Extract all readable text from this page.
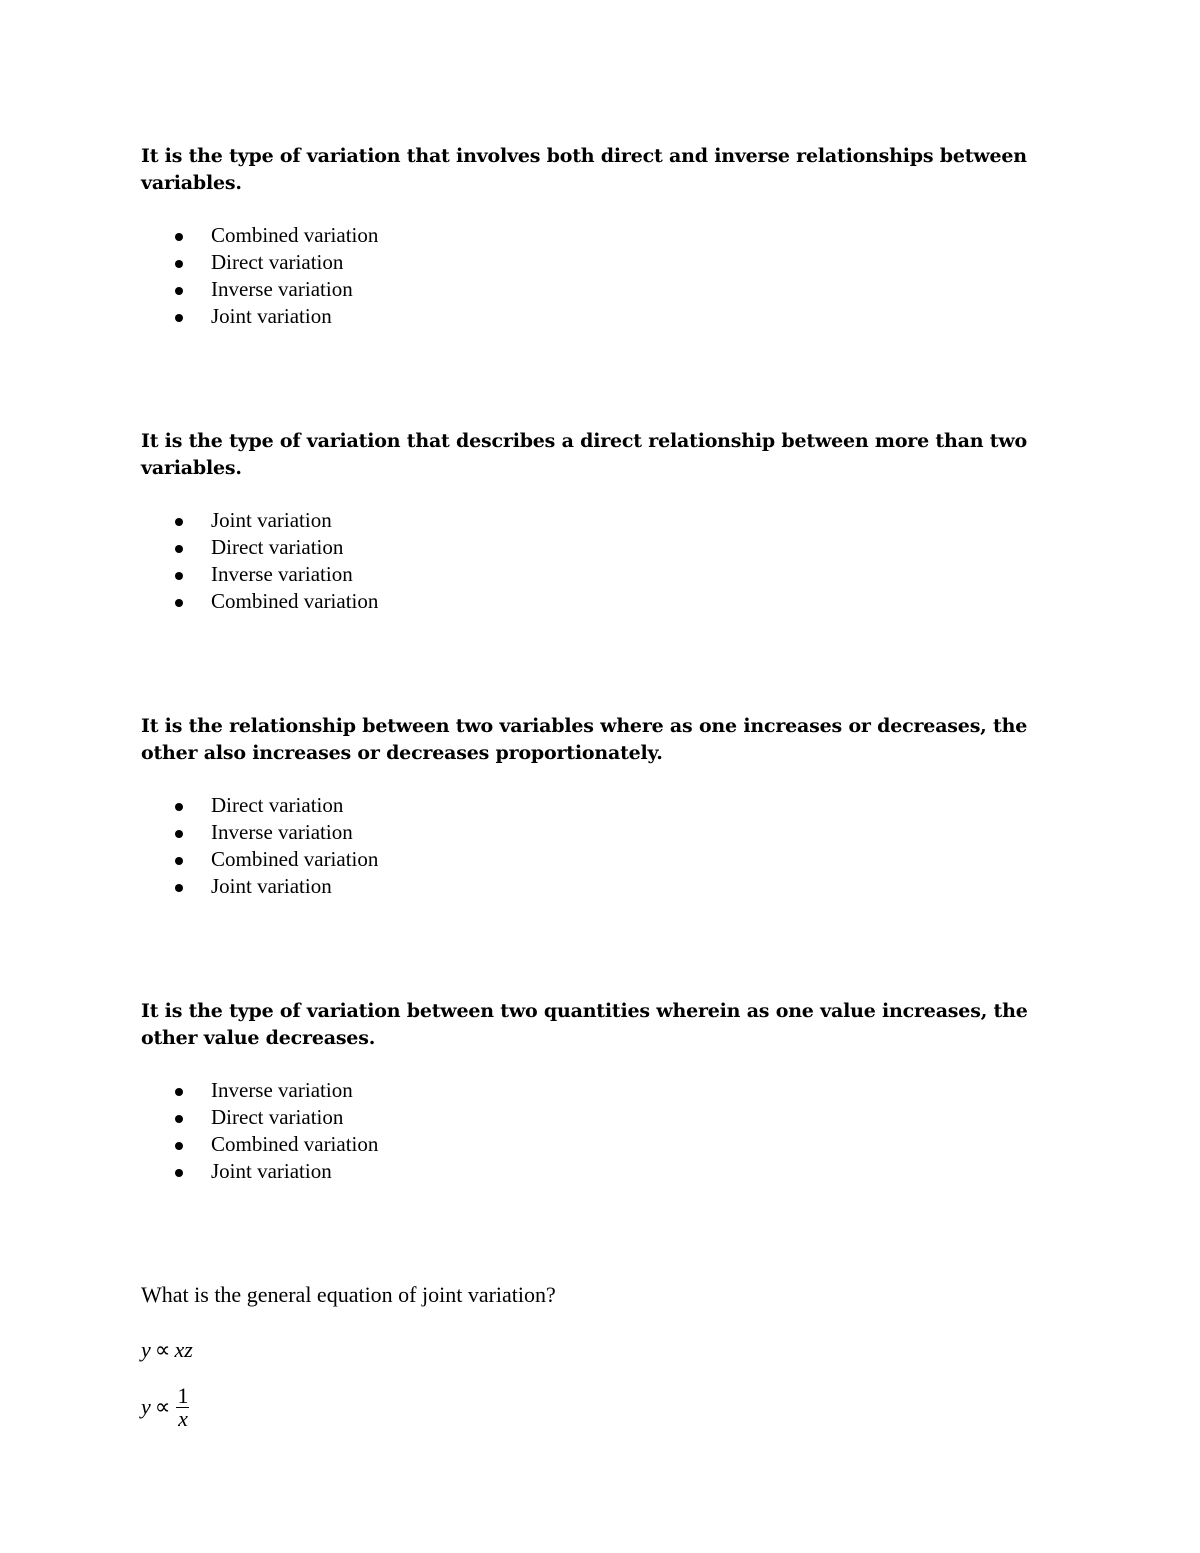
It is the type of variation that involves both direct and inverse relationships between variables.

Combined variation
Direct variation
Inverse variation
Joint variation

It is the type of variation that describes a direct relationship between more than two variables.

Joint variation
Direct variation
Inverse variation
Combined variation

It is the relationship between two variables where as one increases or decreases, the other also increases or decreases proportionately.

Direct variation
Inverse variation
Combined variation
Joint variation

It is the type of variation between two quantities wherein as one value increases, the other value decreases.

Inverse variation
Direct variation
Combined variation
Joint variation

What is the general equation of joint variation?

y ∝ xz
$y \propto \frac{1}{x}$
